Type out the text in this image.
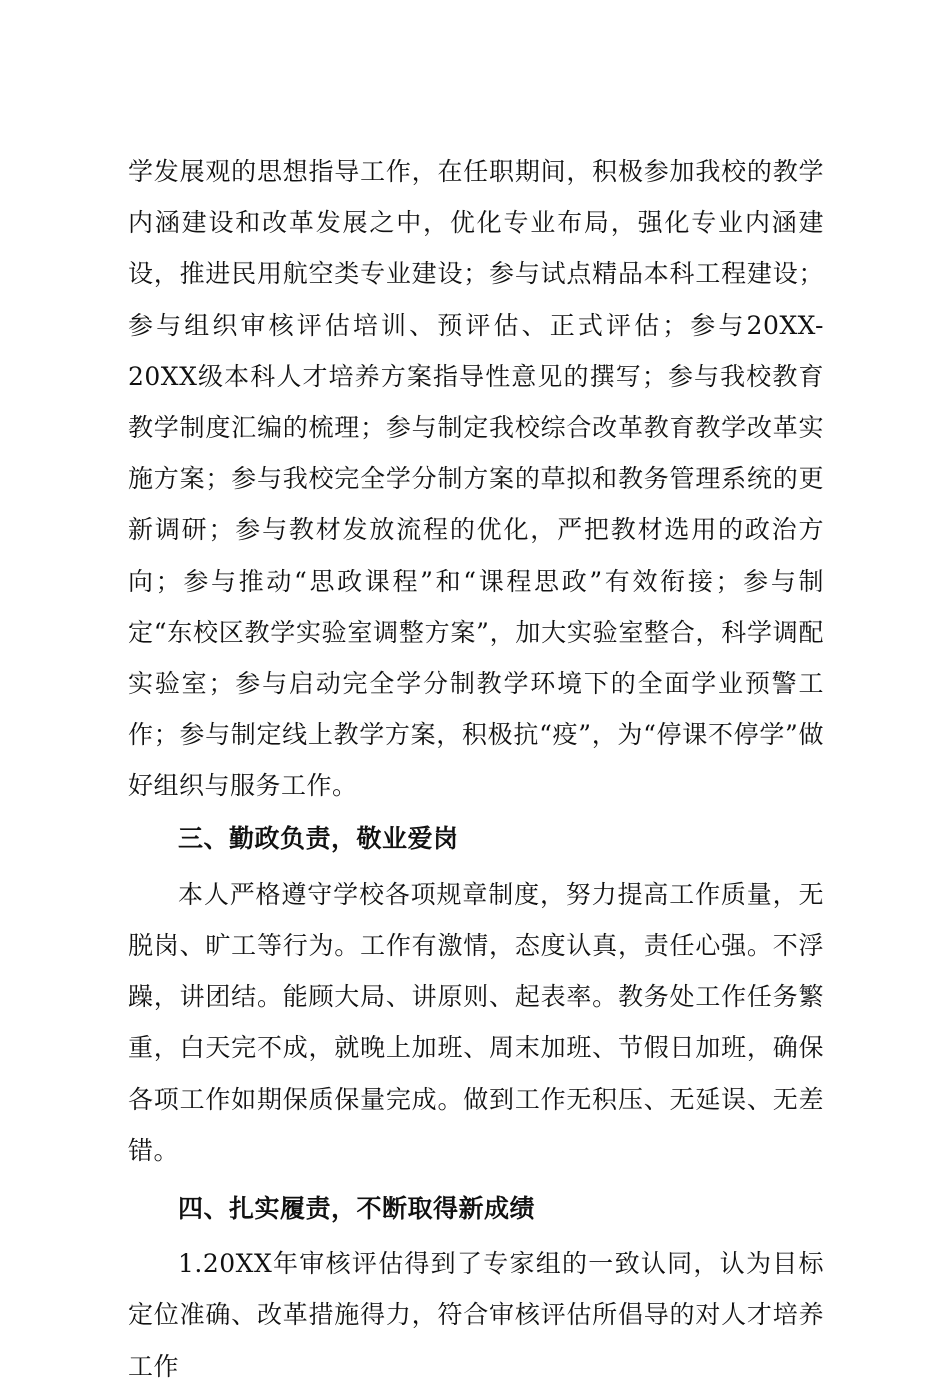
学发展观的思想指导工作，在任职期间，积极参加我校的教学内涵建设和改革发展之中，优化专业布局，强化专业内涵建设，推进民用航空类专业建设；参与试点精品本科工程建设；参与组织审核评估培训、预评估、正式评估；参与20XX-20XX级本科人才培养方案指导性意见的撰写；参与我校教育教学制度汇编的梳理；参与制定我校综合改革教育教学改革实施方案；参与我校完全学分制方案的草拟和教务管理系统的更新调研；参与教材发放流程的优化，严把教材选用的政治方向；参与推动“思政课程”和“课程思政”有效衔接；参与制定“东校区教学实验室调整方案”，加大实验室整合，科学调配实验室；参与启动完全学分制教学环境下的全面学业预警工作；参与制定线上教学方案，积极抗“疫”，为“停课不停学”做好组织与服务工作。

三、勤政负责，敬业爱岗

本人严格遵守学校各项规章制度，努力提高工作质量，无脱岗、旷工等行为。工作有激情，态度认真，责任心强。不浮躁，讲团结。能顾大局、讲原则、起表率。教务处工作任务繁重，白天完不成，就晚上加班、周末加班、节假日加班，确保各项工作如期保质保量完成。做到工作无积压、无延误、无差错。

四、扎实履责，不断取得新成绩

1.20XX年审核评估得到了专家组的一致认同，认为目标定位准确、改革措施得力，符合审核评估所倡导的对人才培养工作
